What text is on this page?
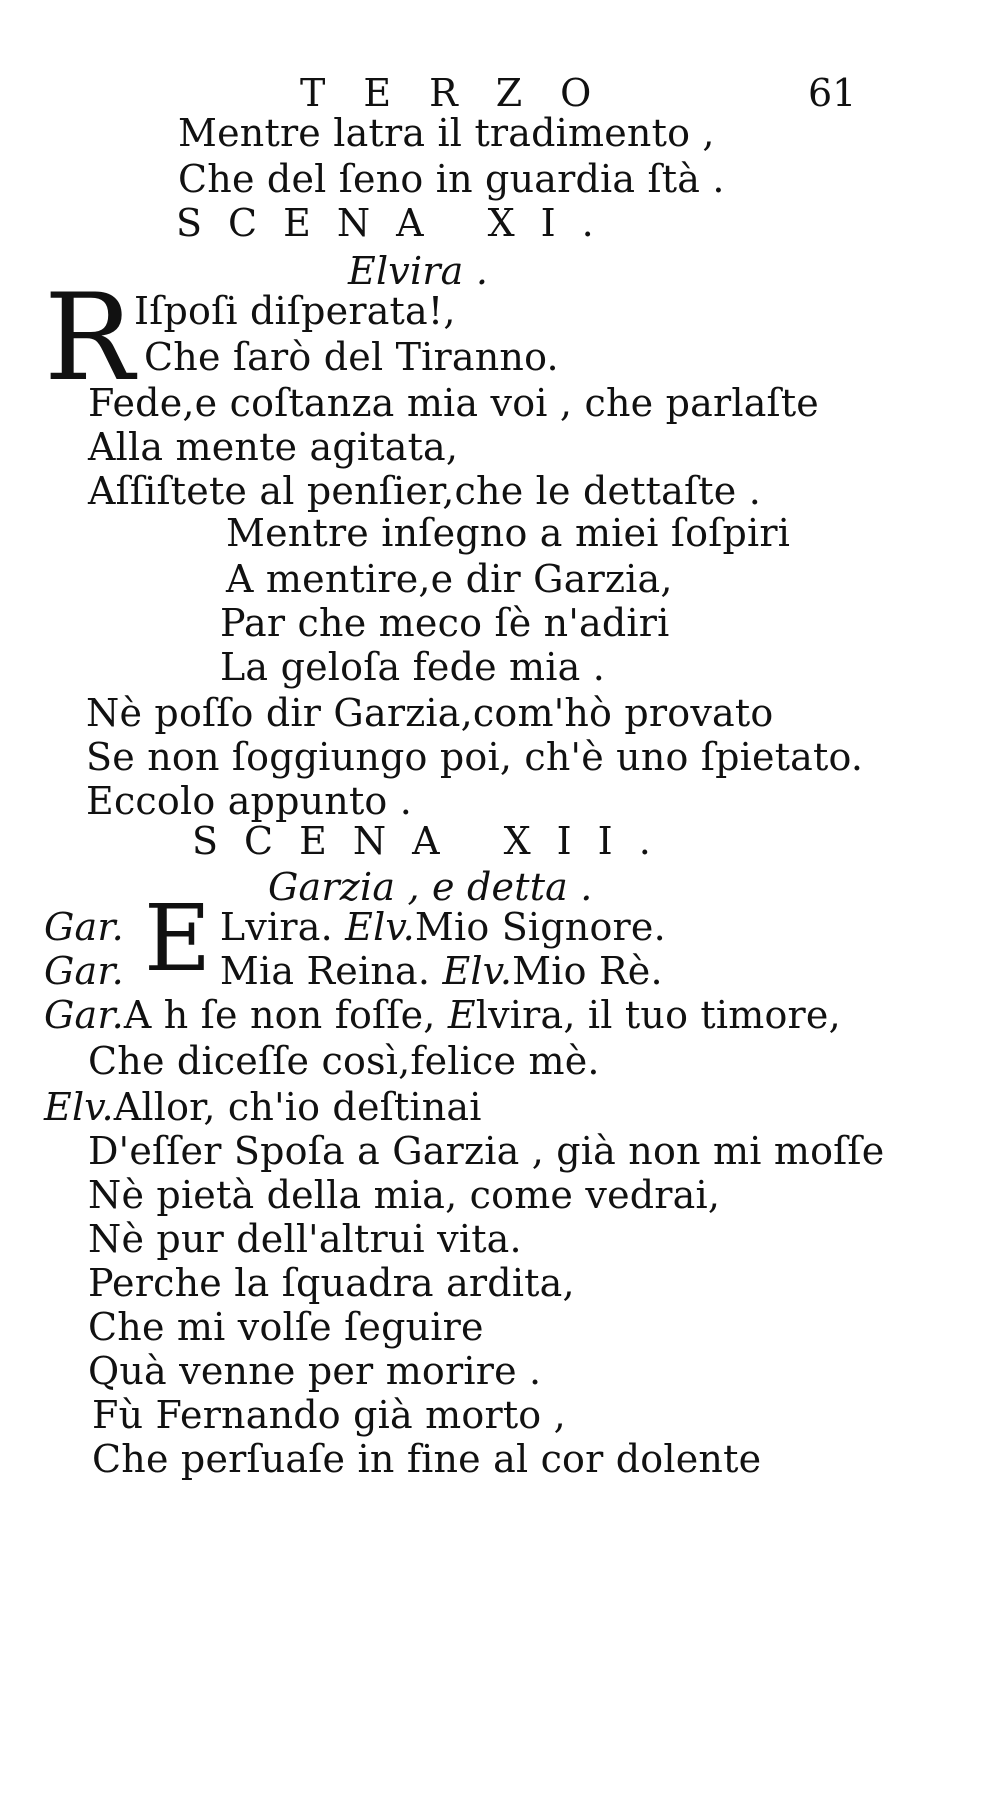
TERZO	61
Mentre latra il tradimento ,
Che del ſeno in guardia ſtà .
SCENA XI.
Elvira .
R Iſpoſi diſperata!,
Che ſarò del Tiranno.
Fede,e coſtanza mia voi , che parlaſte
Alla mente agitata,
Aſſiſtete al penſier,che le dettaſte .
Mentre inſegno a miei ſoſpiri
A mentire,e dir Garzia,
Par che meco ſè n'adiri
La geloſa fede mia .
Nè poſſo dir Garzia,com'hò provato
Se non ſoggiungo poi, ch'è uno ſpietato.
Eccolo appunto .
SCENA XII.
Garzia , e detta .
E
Gar.	Lvira. Elv.Mio Signore.
Gar.	Mia Reina. Elv.Mio Rè.
Gar.A h ſe non foſſe, Elvira, il tuo timore,
Che diceſſe così,felice mè.
Elv.Allor, ch'io deſtinai
D'eſſer Spoſa a Garzia , già non mi moſſe
Nè pietà della mia, come vedrai,
Nè pur dell'altrui vita.
Perche la ſquadra ardita,
Che mi volſe ſeguire
Quà venne per morire .
Fù Fernando già morto ,
Che perſuaſe in fine al cor dolente
